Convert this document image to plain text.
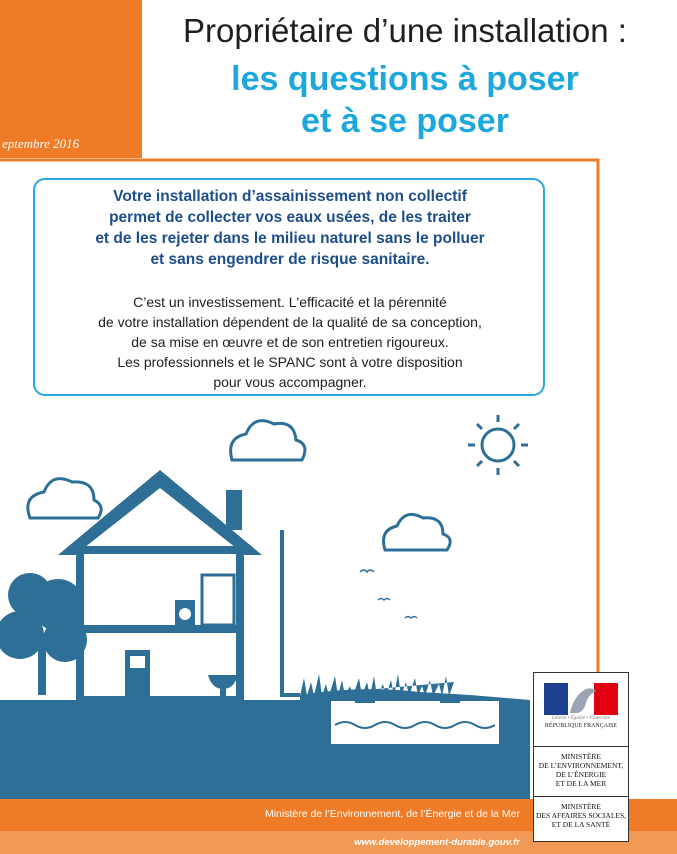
eptembre 2016
Propriétaire d’une installation :
les questions à poser
et à se poser
Votre installation d’assainissement non collectif
permet de collecter vos eaux usées, de les traiter
et de les rejeter dans le milieu naturel sans le polluer
et sans engendrer de risque sanitaire.
C’est un investissement. L'efficacité et la pérennité
de votre installation dépendent de la qualité de sa conception,
de sa mise en œuvre et de son entretien rigoureux.
Les professionnels et le SPANC sont à votre disposition
pour vous accompagner.
Ministère de l’Environnement, de l’Énergie et de la Mer
www.developpement-durable.gouv.fr
Liberté • Égalité • Fraternité
RÉPUBLIQUE FRANÇAISE
MINISTÈRE
DE L’ENVIRONNEMENT,
DE L’ÉNERGIE
ET DE LA MER
MINISTÈRE
DES AFFAIRES SOCIALES,
ET DE LA SANTÉ
